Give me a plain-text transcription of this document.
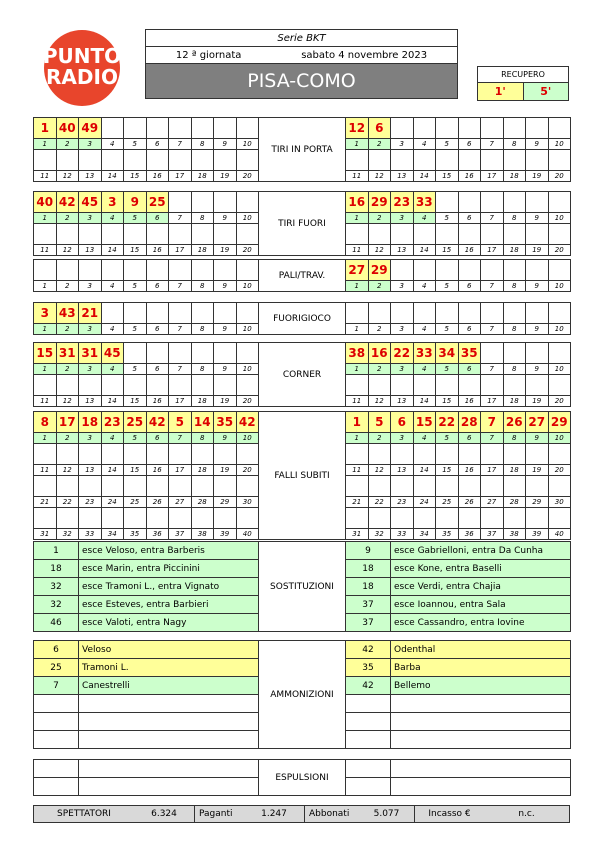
PUNTO
RADIO
Serie BKT
12 ª giornata	sabato 4 novembre 2023
PISA-COMO	RECUPERO
1'	5'
1	40	49								TIRI IN PORTA	12	6								
1	2	3	4	5	6	7	8	9	10		1	2	3	4	5	6	7	8	9	10

11	12	13	14	15	16	17	18	19	20		11	12	13	14	15	16	17	18	19	20
40	42	45	3	9	25					TIRI FUORI	16	29	23	33						
1	2	3	4	5	6	7	8	9	10		1	2	3	4	5	6	7	8	9	10

11	12	13	14	15	16	17	18	19	20		11	12	13	14	15	16	17	18	19	20
										PALI/TRAV.	27	29								
1	2	3	4	5	6	7	8	9	10		1	2	3	4	5	6	7	8	9	10
3	43	21								FUORIGIOCO										
1	2	3	4	5	6	7	8	9	10		1	2	3	4	5	6	7	8	9	10
15	31	31	45							CORNER	38	16	22	33	34	35				
1	2	3	4	5	6	7	8	9	10		1	2	3	4	5	6	7	8	9	10

11	12	13	14	15	16	17	18	19	20		11	12	13	14	15	16	17	18	19	20
8	17	18	23	25	42	5	14	35	42	FALLI SUBITI	1	5	6	15	22	28	7	26	27	29
1	2	3	4	5	6	7	8	9	10		1	2	3	4	5	6	7	8	9	10

11	12	13	14	15	16	17	18	19	20		11	12	13	14	15	16	17	18	19	20

21	22	23	24	25	26	27	28	29	30		21	22	23	24	25	26	27	28	29	30

31	32	33	34	35	36	37	38	39	40		31	32	33	34	35	36	37	38	39	40
1	esce Veloso, entra Barberis	SOSTITUZIONI	9	esce Gabrielloni, entra Da Cunha
18	esce Marin, entra Piccinini		18	esce Kone, entra Baselli
32	esce Tramoni L., entra Vignato		18	esce Verdi, entra Chajia
32	esce Esteves, entra Barbieri		37	esce Ioannou, entra Sala
46	esce Valoti, entra Nagy		37	esce Cassandro, entra Iovine
6	Veloso	AMMONIZIONI	42	Odenthal
25	Tramoni L.		35	Barba
7	Canestrelli		42	Bellemo

		ESPULSIONI		

SPETTATORI	6.324	Paganti	1.247	Abbonati	5.077	Incasso €	n.c.
